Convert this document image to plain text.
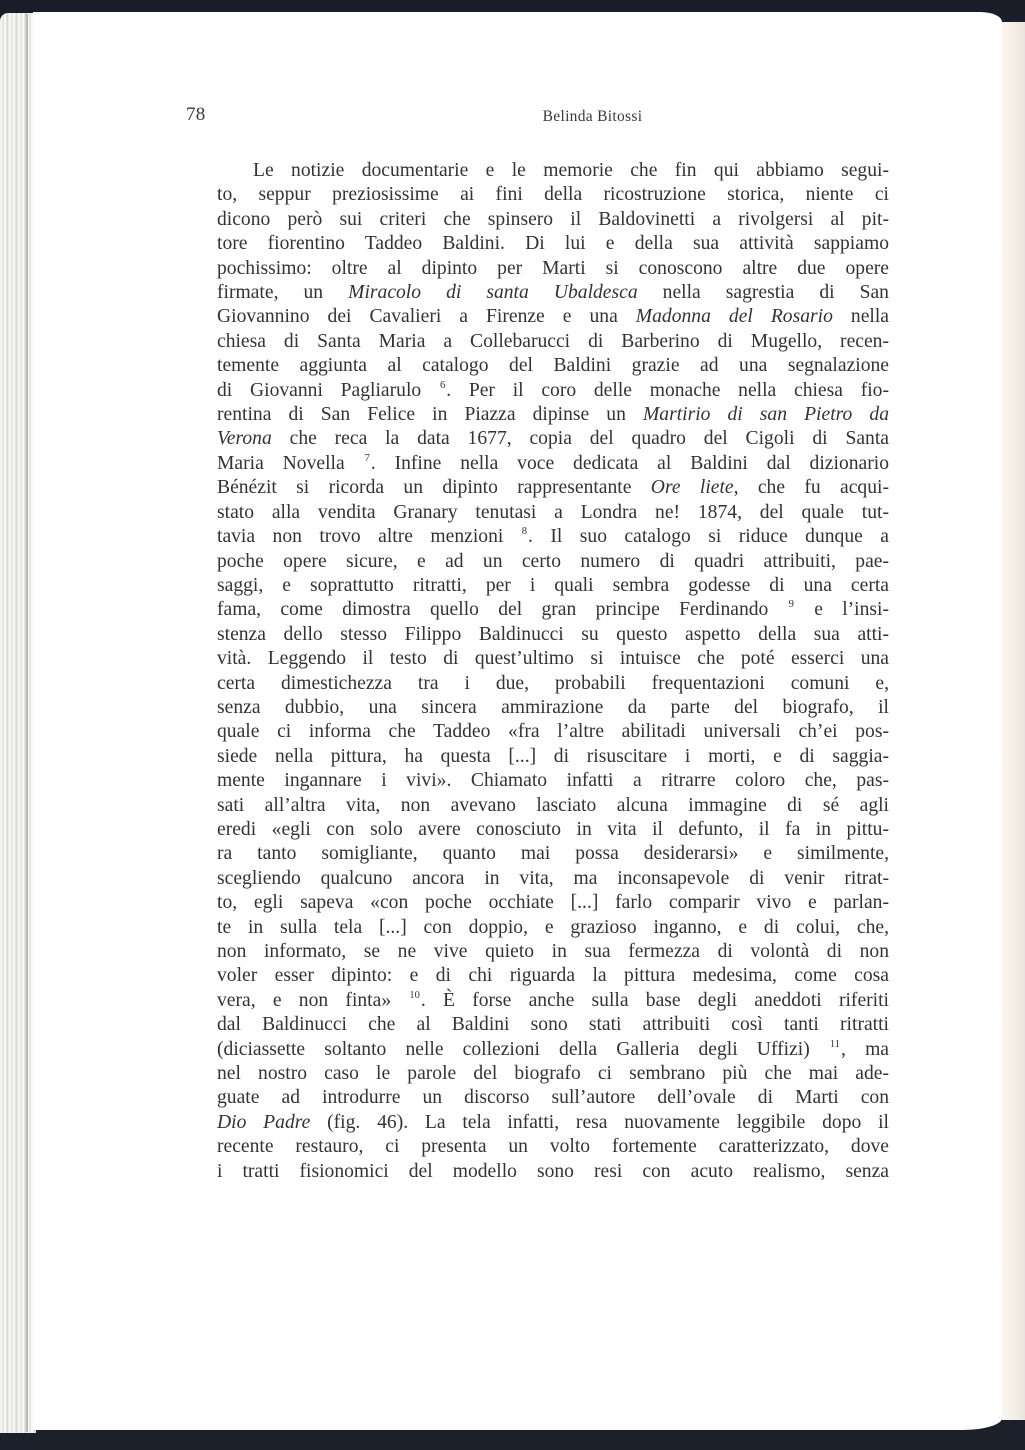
78	Belinda Bitossi
Le notizie documentarie e le memorie che fin qui abbiamo segui-
to, seppur preziosissime ai fini della ricostruzione storica, niente ci
dicono però sui criteri che spinsero il Baldovinetti a rivolgersi al pit-
tore fiorentino Taddeo Baldini. Di lui e della sua attività sappiamo
pochissimo: oltre al dipinto per Marti si conoscono altre due opere
firmate, un Miracolo di santa Ubaldesca nella sagrestia di San
Giovannino dei Cavalieri a Firenze e una Madonna del Rosario nella
chiesa di Santa Maria a Collebarucci di Barberino di Mugello, recen-
temente aggiunta al catalogo del Baldini grazie ad una segnalazione
di Giovanni Pagliarulo $^6$. Per il coro delle monache nella chiesa fio-
rentina di San Felice in Piazza dipinse un Martirio di san Pietro da
Verona che reca la data 1677, copia del quadro del Cigoli di Santa
Maria Novella $^7$. Infine nella voce dedicata al Baldini dal dizionario
Bénézit si ricorda un dipinto rappresentante Ore liete, che fu acqui-
stato alla vendita Granary tenutasi a Londra ne! 1874, del quale tut-
tavia non trovo altre menzioni $^8$. Il suo catalogo si riduce dunque a
poche opere sicure, e ad un certo numero di quadri attribuiti, pae-
saggi, e soprattutto ritratti, per i quali sembra godesse di una certa
fama, come dimostra quello del gran principe Ferdinando $^9$ e l’insi-
stenza dello stesso Filippo Baldinucci su questo aspetto della sua atti-
vità. Leggendo il testo di quest’ultimo si intuisce che poté esserci una
certa dimestichezza tra i due, probabili frequentazioni comuni e,
senza dubbio, una sincera ammirazione da parte del biografo, il
quale ci informa che Taddeo «fra l’altre abilitadi universali ch’ei pos-
siede nella pittura, ha questa [...] di risuscitare i morti, e di saggia-
mente ingannare i vivi». Chiamato infatti a ritrarre coloro che, pas-
sati all’altra vita, non avevano lasciato alcuna immagine di sé agli
eredi «egli con solo avere conosciuto in vita il defunto, il fa in pittu-
ra tanto somigliante, quanto mai possa desiderarsi» e similmente,
scegliendo qualcuno ancora in vita, ma inconsapevole di venir ritrat-
to, egli sapeva «con poche occhiate [...] farlo comparir vivo e parlan-
te in sulla tela [...] con doppio, e grazioso inganno, e di colui, che,
non informato, se ne vive quieto in sua fermezza di volontà di non
voler esser dipinto: e di chi riguarda la pittura medesima, come cosa
vera, e non finta» $^{10}$. È forse anche sulla base degli aneddoti riferiti
dal Baldinucci che al Baldini sono stati attribuiti così tanti ritratti
(diciassette soltanto nelle collezioni della Galleria degli Uffizi) $^{11}$, ma
nel nostro caso le parole del biografo ci sembrano più che mai ade-
guate ad introdurre un discorso sull’autore dell’ovale di Marti con
Dio Padre (fig. 46). La tela infatti, resa nuovamente leggibile dopo il
recente restauro, ci presenta un volto fortemente caratterizzato, dove
i tratti fisionomici del modello sono resi con acuto realismo, senza
